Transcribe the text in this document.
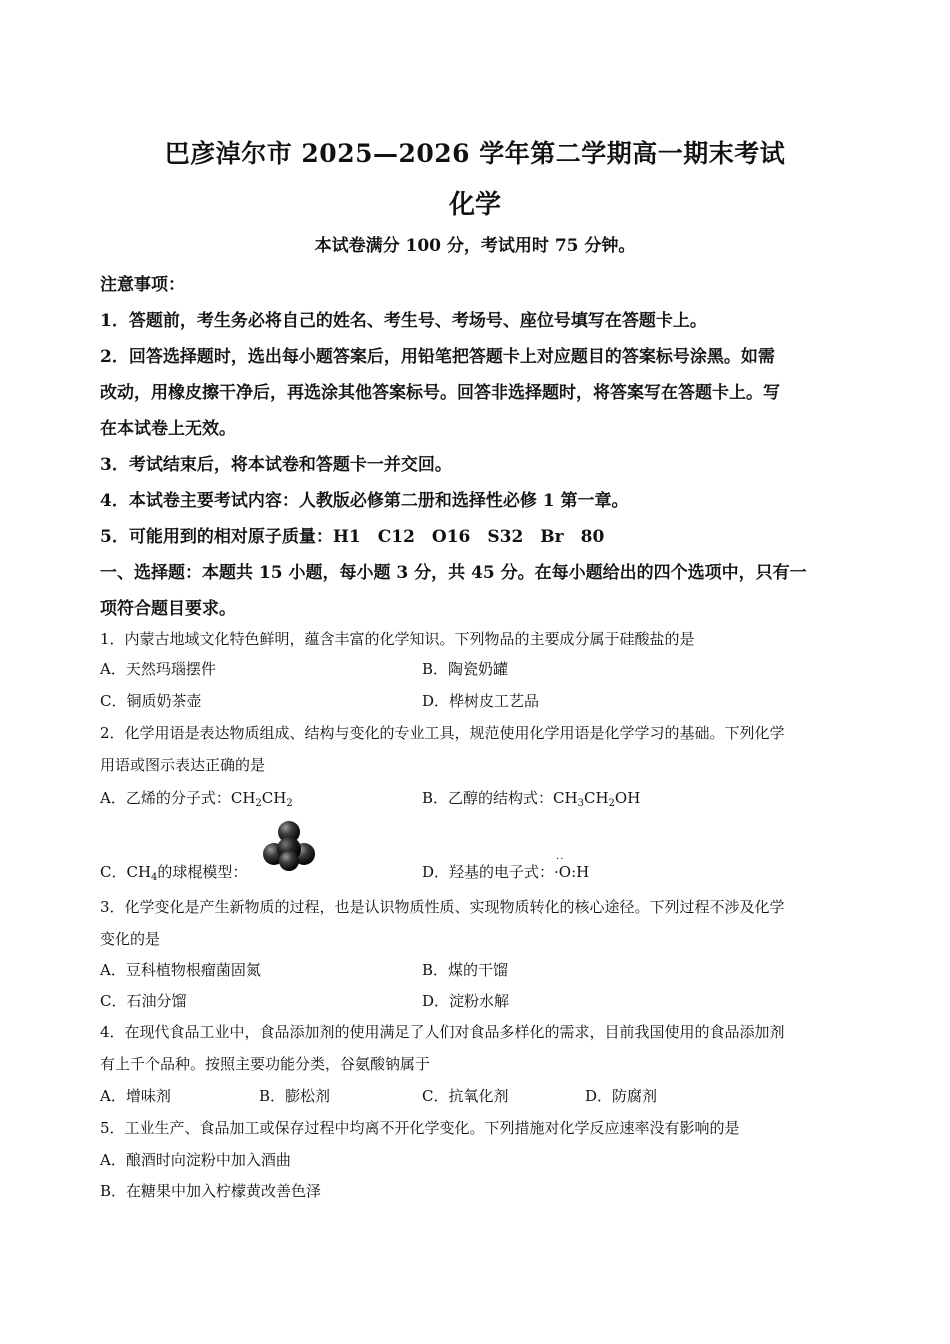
巴彦淖尔市 2025—2026 学年第二学期高一期末考试
化学
本试卷满分 100 分，考试用时 75 分钟。
注意事项：
1．答题前，考生务必将自己的姓名、考生号、考场号、座位号填写在答题卡上。
2．回答选择题时，选出每小题答案后，用铅笔把答题卡上对应题目的答案标号涂黑。如需
改动，用橡皮擦干净后，再选涂其他答案标号。回答非选择题时，将答案写在答题卡上。写
在本试卷上无效。
3．考试结束后，将本试卷和答题卡一并交回。
4．本试卷主要考试内容：人教版必修第二册和选择性必修 1 第一章。
5．可能用到的相对原子质量：H1　C12　O16　S32　Br　80
一、选择题：本题共 15 小题，每小题 3 分，共 45 分。在每小题给出的四个选项中，只有一
项符合题目要求。
1．内蒙古地域文化特色鲜明，蕴含丰富的化学知识。下列物品的主要成分属于硅酸盐的是
A．天然玛瑙摆件	B．陶瓷奶罐
C．铜质奶茶壶	D．桦树皮工艺品
2．化学用语是表达物质组成、结构与变化的专业工具，规范使用化学用语是化学学习的基础。下列化学
用语或图示表达正确的是
A．乙烯的分子式：$CH_2CH_2$	B．乙醇的结构式：$CH_3CH_2OH$
C．$CH_4$的球棍模型：	D．羟基的电子式：
··
·O:H
3．化学变化是产生新物质的过程，也是认识物质性质、实现物质转化的核心途径。下列过程不涉及化学
变化的是
A．豆科植物根瘤菌固氮	B．煤的干馏
C．石油分馏	D．淀粉水解
4．在现代食品工业中，食品添加剂的使用满足了人们对食品多样化的需求，目前我国使用的食品添加剂
有上千个品种。按照主要功能分类，谷氨酸钠属于
A．增味剂	B．膨松剂	C．抗氧化剂	D．防腐剂
5．工业生产、食品加工或保存过程中均离不开化学变化。下列措施对化学反应速率没有影响的是
A．酿酒时向淀粉中加入酒曲
B．在糖果中加入柠檬黄改善色泽
